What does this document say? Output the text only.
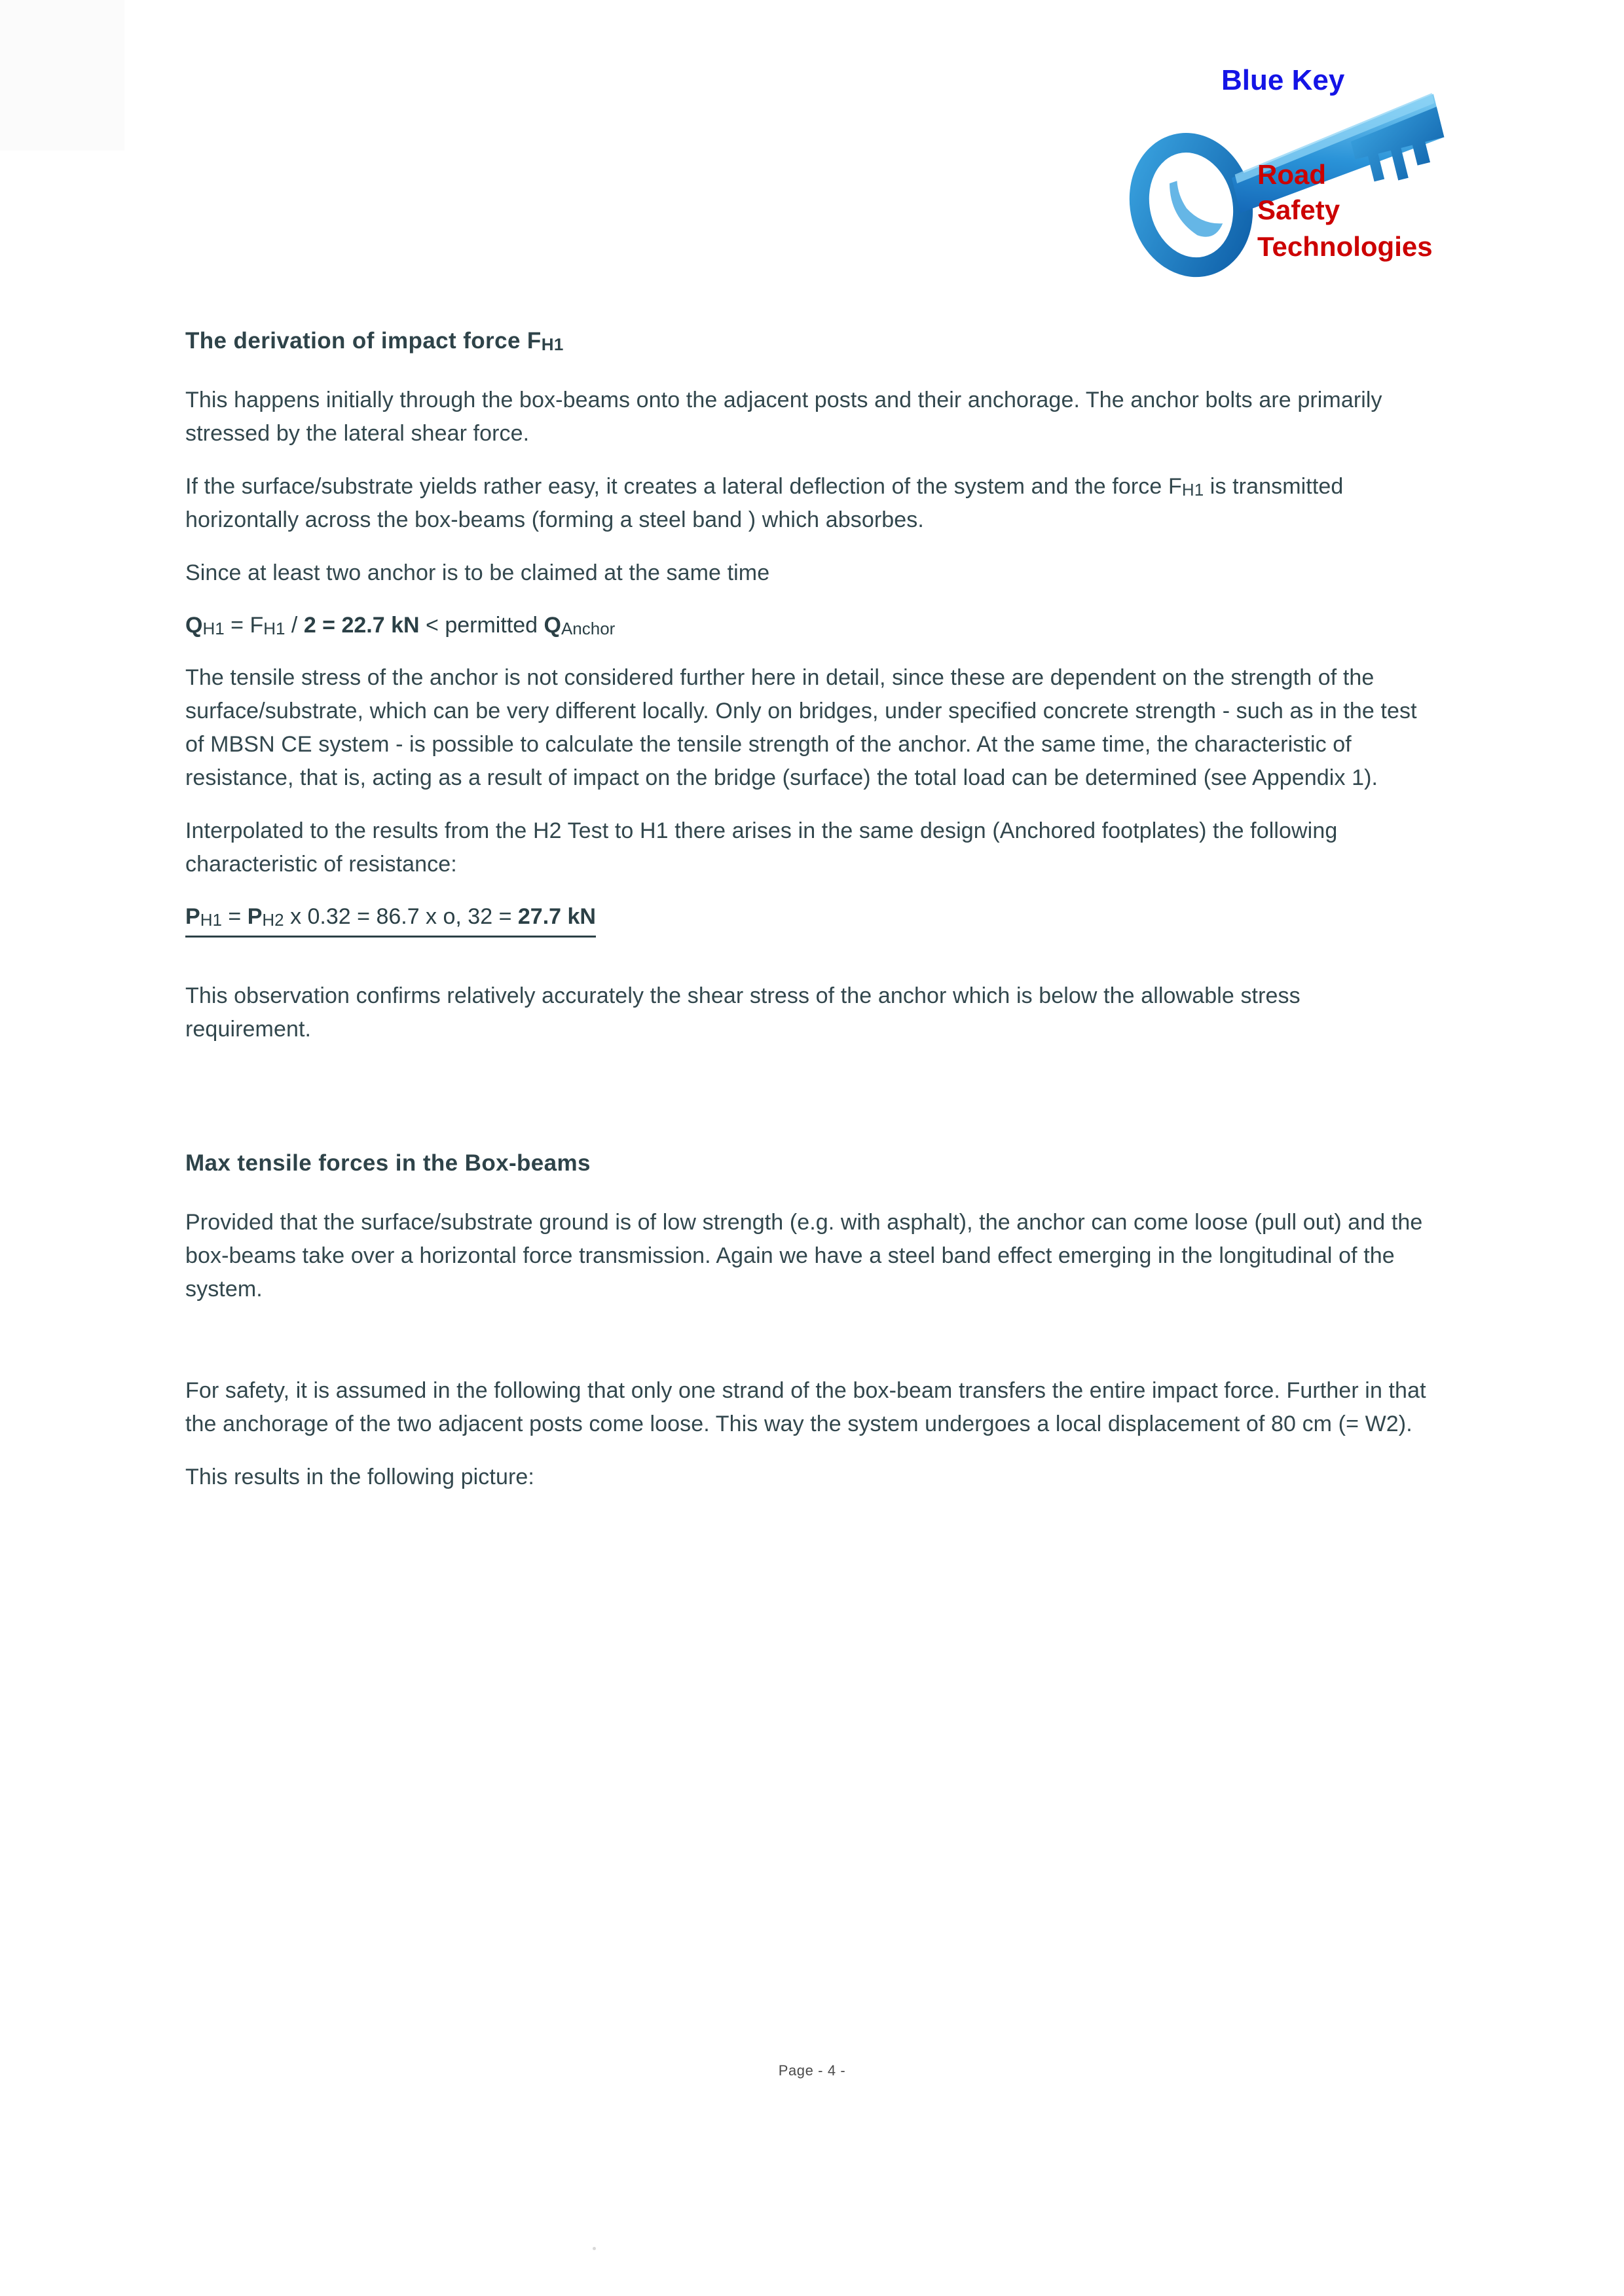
Blue Key
Road
Safety
Technologies
The derivation of impact force FH1

This happens initially through the box-beams onto the adjacent posts and their anchorage. The anchor bolts are primarily stressed by the lateral shear force.

If the surface/substrate yields rather easy, it creates a lateral deflection of the system and the force FH1 is transmitted horizontally across the box-beams (forming a steel band ) which absorbes.

Since at least two anchor is to be claimed at the same time

QH1 = FH1 / 2 = 22.7 kN < permitted QAnchor

The tensile stress of the anchor is not considered further here in detail, since these are dependent on the strength of the surface/substrate, which can be very different locally. Only on bridges, under specified concrete strength - such as in the test of MBSN CE system - is possible to calculate the tensile strength of the anchor. At the same time, the characteristic of resistance, that is, acting as a result of impact on the bridge (surface) the total load can be determined (see Appendix 1).

Interpolated to the results from the H2 Test to H1 there arises in the same design (Anchored footplates) the following characteristic of resistance:

PH1 = PH2 x 0.32 = 86.7 x o, 32 = 27.7 kN

This observation confirms relatively accurately the shear stress of the anchor which is below the allowable stress requirement.

Max tensile forces in the Box-beams

Provided that the surface/substrate ground is of low strength (e.g. with asphalt), the anchor can come loose (pull out) and the box-beams take over a horizontal force transmission. Again we have a steel band effect emerging in the longitudinal of the system.

For safety, it is assumed in the following that only one strand of the box-beam transfers the entire impact force. Further in that the anchorage of the two adjacent posts come loose. This way the system undergoes a local displacement of 80 cm (= W2).

This results in the following picture:

Page - 4 -
